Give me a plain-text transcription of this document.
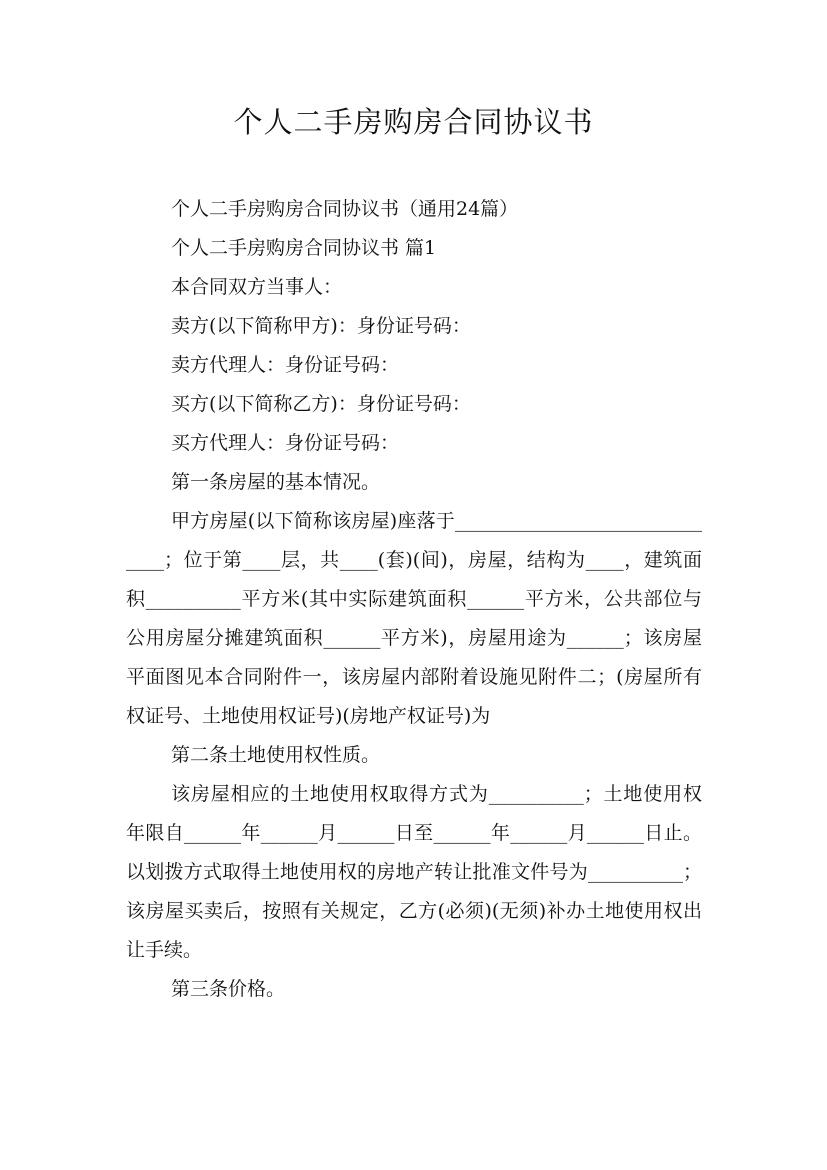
个人二手房购房合同协议书

个人二手房购房合同协议书（通用24篇）

个人二手房购房合同协议书 篇1

本合同双方当事人：

卖方(以下简称甲方)：身份证号码：

卖方代理人：身份证号码：

买方(以下简称乙方)：身份证号码：

买方代理人：身份证号码：

第一条房屋的基本情况。

甲方房屋(以下简称该房屋)座落于______________________________；位于第____层，共____(套)(间)，房屋，结构为____，建筑面积__________平方米(其中实际建筑面积______平方米，公共部位与公用房屋分摊建筑面积______平方米)，房屋用途为______；该房屋平面图见本合同附件一，该房屋内部附着设施见附件二；(房屋所有权证号、土地使用权证号)(房地产权证号)为

第二条土地使用权性质。

该房屋相应的土地使用权取得方式为__________；土地使用权年限自______年______月______日至______年______月______日止。以划拨方式取得土地使用权的房地产转让批准文件号为__________；该房屋买卖后，按照有关规定，乙方(必须)(无须)补办土地使用权出让手续。

第三条价格。
